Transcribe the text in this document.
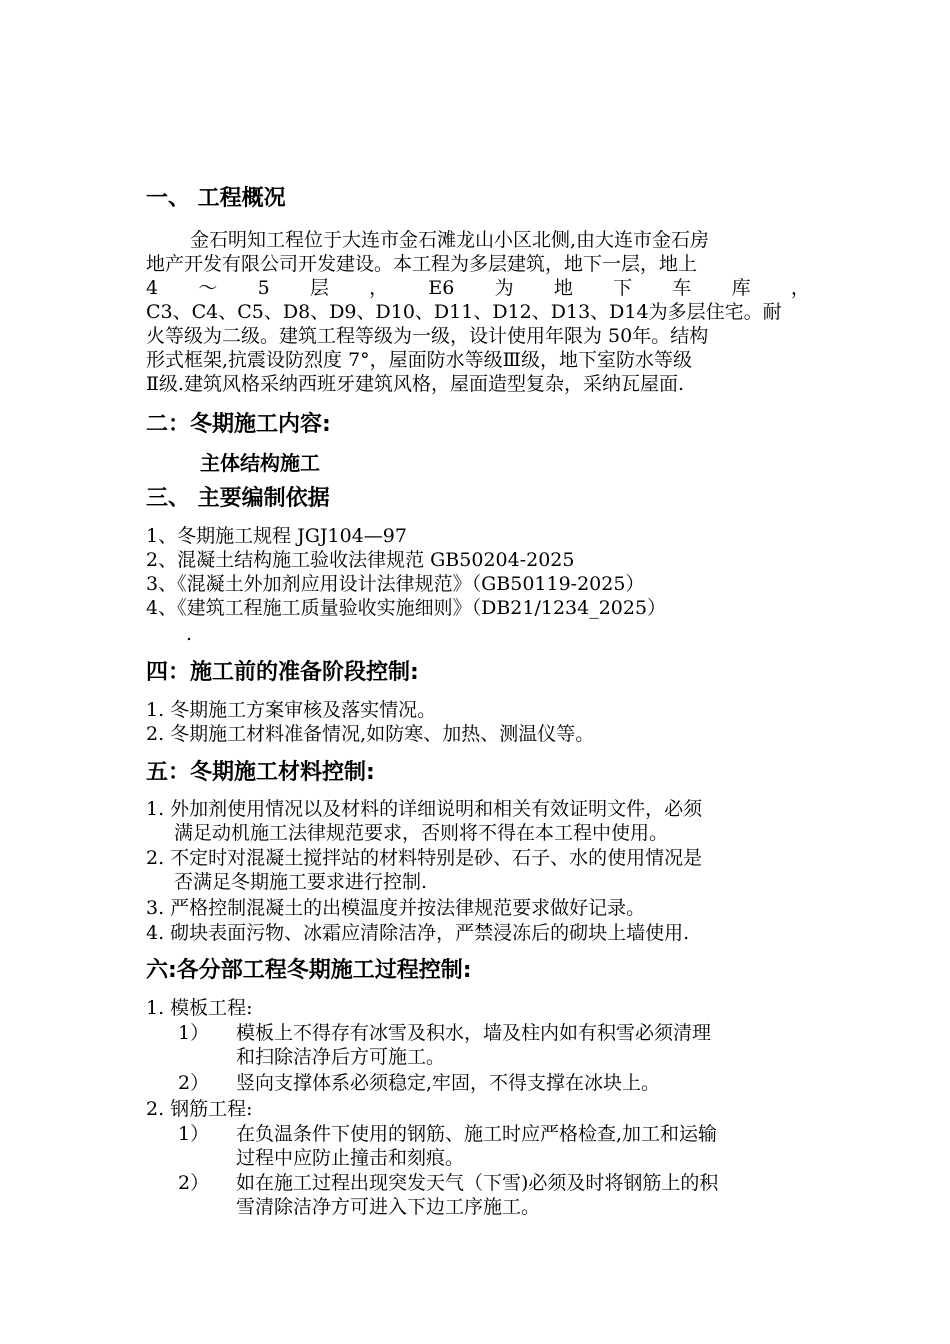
一、 工程概况
金石明知工程位于大连市金石滩龙山小区北侧,由大连市金石房
地产开发有限公司开发建设。本工程为多层建筑，地下一层，地上
4 ～ 5 层 ， E6 为 地 下 车 库 ，
C3、C4、C5、D8、D9、D10、D11、D12、D13、D14为多层住宅。耐
火等级为二级。建筑工程等级为一级，设计使用年限为 50年。结构
形式框架,抗震设防烈度 7°，屋面防水等级Ⅲ级，地下室防水等级
Ⅱ级.建筑风格采纳西班牙建筑风格，屋面造型复杂，采纳瓦屋面.
二：冬期施工内容:
主体结构施工
三、 主要编制依据
1、冬期施工规程 JGJ104—97
2、混凝土结构施工验收法律规范 GB50204-2025
3、《混凝土外加剂应用设计法律规范》（GB50119-2025）
4、《建筑工程施工质量验收实施细则》（DB21/1234_2025）
.
四：施工前的准备阶段控制:
1. 冬期施工方案审核及落实情况。
2. 冬期施工材料准备情况,如防寒、加热、测温仪等。
五：冬期施工材料控制:
1. 外加剂使用情况以及材料的详细说明和相关有效证明文件，必须
满足动机施工法律规范要求，否则将不得在本工程中使用。
2. 不定时对混凝土搅拌站的材料特别是砂、石子、水的使用情况是
否满足冬期施工要求进行控制.
3. 严格控制混凝土的出模温度并按法律规范要求做好记录。
4. 砌块表面污物、冰霜应清除洁净，严禁浸冻后的砌块上墙使用.
六:各分部工程冬期施工过程控制:
1. 模板工程:
1） 模板上不得存有冰雪及积水，墙及柱内如有积雪必须清理
和扫除洁净后方可施工。
2） 竖向支撑体系必须稳定,牢固，不得支撑在冰块上。
2. 钢筋工程:
1） 在负温条件下使用的钢筋、施工时应严格检查,加工和运输
过程中应防止撞击和刻痕。
2） 如在施工过程出现突发天气（下雪)必须及时将钢筋上的积
雪清除洁净方可进入下边工序施工。
